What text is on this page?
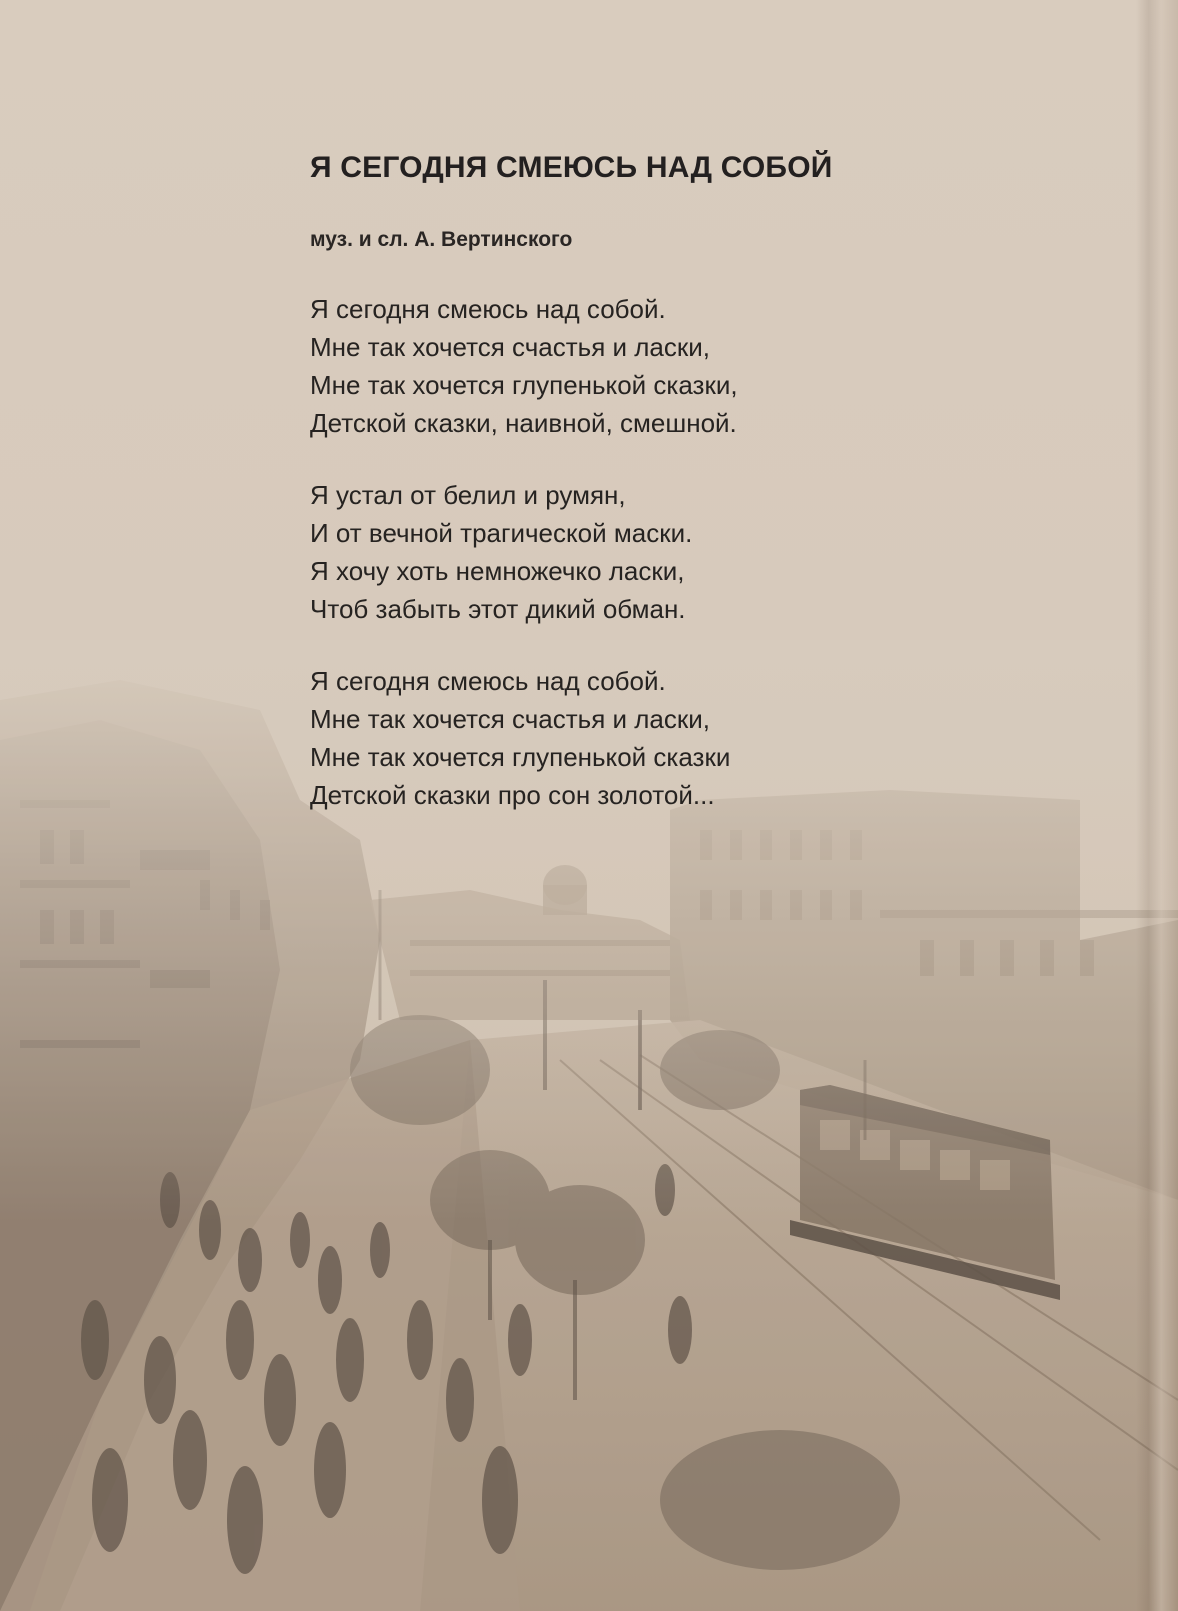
Я СЕГОДНЯ СМЕЮСЬ НАД СОБОЙ

муз. и сл. А. Вертинского

Я сегодня смеюсь над собой.
Мне так хочется счастья и ласки,
Мне так хочется глупенькой сказки,
Детской сказки, наивной, смешной.
Я устал от белил и румян,
И от вечной трагической маски.
Я хочу хоть немножечко ласки,
Чтоб забыть этот дикий обман.
Я сегодня смеюсь над собой.
Мне так хочется счастья и ласки,
Мне так хочется глупенькой сказки
Детской сказки про сон золотой...
